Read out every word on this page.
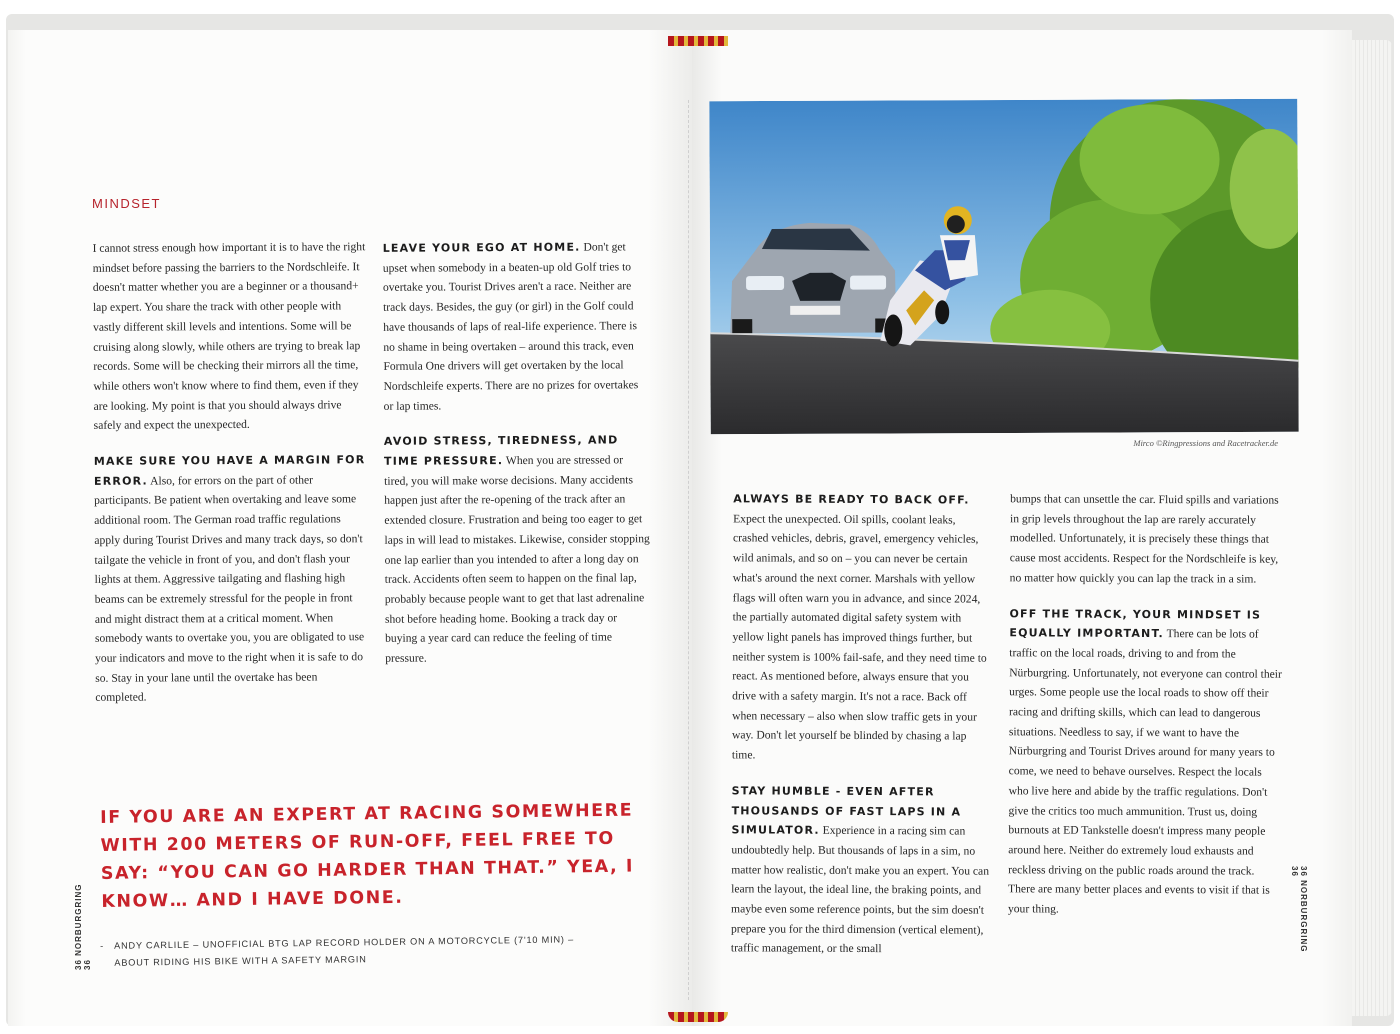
MINDSET

I cannot stress enough how important it is to have the right mindset before passing the barriers to the Nordschleife. It doesn't matter whether you are a beginner or a thousand+ lap expert. You share the track with other people with vastly different skill levels and intentions. Some will be cruising along slowly, while others are trying to break lap records. Some will be checking their mirrors all the time, while others won't know where to find them, even if they are looking. My point is that you should always drive safely and expect the unexpected.

MAKE SURE YOU HAVE A MARGIN FOR ERROR. Also, for errors on the part of other participants. Be patient when overtaking and leave some additional room. The German road traffic regulations apply during Tourist Drives and many track days, so don't tailgate the vehicle in front of you, and don't flash your lights at them. Aggressive tailgating and flashing high beams can be extremely stressful for the people in front and might distract them at a critical moment. When somebody wants to overtake you, you are obligated to use your indicators and move to the right when it is safe to do so. Stay in your lane until the overtake has been completed.

LEAVE YOUR EGO AT HOME. Don't get upset when somebody in a beaten-up old Golf tries to overtake you. Tourist Drives aren't a race. Neither are track days. Besides, the guy (or girl) in the Golf could have thousands of laps of real-life experience. There is no shame in being overtaken – around this track, even Formula One drivers will get overtaken by the local Nordschleife experts. There are no prizes for overtakes or lap times.

AVOID STRESS, TIREDNESS, AND TIME PRESSURE. When you are stressed or tired, you will make worse decisions. Many accidents happen just after the re-opening of the track after an extended closure. Frustration and being too eager to get laps in will lead to mistakes. Likewise, consider stopping one lap earlier than you intended to after a long day on track. Accidents often seem to happen on the final lap, probably because people want to get that last adrenaline shot before heading home. Booking a track day or buying a year card can reduce the feeling of time pressure.

IF YOU ARE AN EXPERT AT RACING SOMEWHERE WITH 200 METERS OF RUN-OFF, FEEL FREE TO SAY: “YOU CAN GO HARDER THAN THAT.” YEA, I KNOW… AND I HAVE DONE.
-	ANDY CARLILE – UNOFFICIAL BTG LAP RECORD HOLDER ON A MOTORCYCLE (7'10 MIN) – ABOUT RIDING HIS BIKE WITH A SAFETY MARGIN
36 NORBURGRING 36
Mirco ©Ringpressions and Racetracker.de

ALWAYS BE READY TO BACK OFF. Expect the unexpected. Oil spills, coolant leaks, crashed vehicles, debris, gravel, emergency vehicles, wild animals, and so on – you can never be certain what's around the next corner. Marshals with yellow flags will often warn you in advance, and since 2024, the partially automated digital safety system with yellow light panels has improved things further, but neither system is 100% fail-safe, and they need time to react. As mentioned before, always ensure that you drive with a safety margin. It's not a race. Back off when necessary – also when slow traffic gets in your way. Don't let yourself be blinded by chasing a lap time.

STAY HUMBLE - EVEN AFTER THOUSANDS OF FAST LAPS IN A SIMULATOR. Experience in a racing sim can undoubtedly help. But thousands of laps in a sim, no matter how realistic, don't make you an expert. You can learn the layout, the ideal line, the braking points, and maybe even some reference points, but the sim doesn't prepare you for the third dimension (vertical element), traffic management, or the small

bumps that can unsettle the car. Fluid spills and variations in grip levels throughout the lap are rarely accurately modelled. Unfortunately, it is precisely these things that cause most accidents. Respect for the Nordschleife is key, no matter how quickly you can lap the track in a sim.

OFF THE TRACK, YOUR MINDSET IS EQUALLY IMPORTANT. There can be lots of traffic on the local roads, driving to and from the Nürburgring. Unfortunately, not everyone can control their urges. Some people use the local roads to show off their racing and drifting skills, which can lead to dangerous situations. Needless to say, if we want to have the Nürburgring and Tourist Drives around for many years to come, we need to behave ourselves. Respect the locals who live here and abide by the traffic regulations. Don't give the critics too much ammunition. Trust us, doing burnouts at ED Tankstelle doesn't impress many people around here. Neither do extremely loud exhausts and reckless driving on the public roads around the track. There are many better places and events to visit if that is your thing.	36 NORBURGRING 36
